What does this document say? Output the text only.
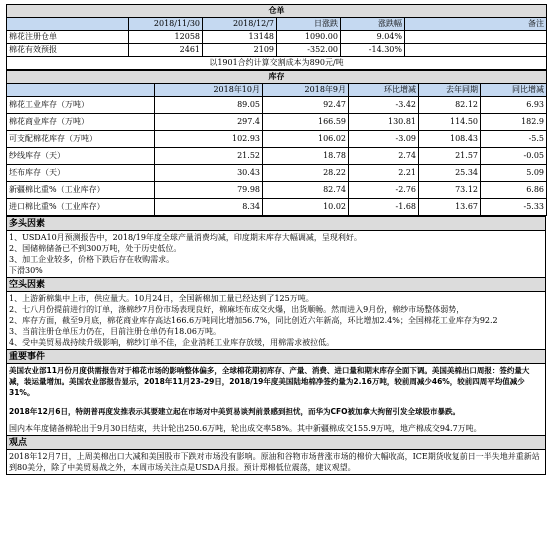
仓单					
	2018/11/30	2018/12/7	日涨跌	涨跌幅	备注
棉花注册仓单	12058	13148	1090.00	9.04%	
棉花有效预报	2461	2109	-352.00	-14.30%	
以1901合约计算交割成本为890元/吨					
库存					
	2018年10月	2018年9月	环比增减	去年同期	同比增减
棉花工业库存（万吨）	89.05	92.47	-3.42	82.12	6.93
棉花商业库存（万吨）	297.4	166.59	130.81	114.50	182.9
可支配棉花库存（万吨）	102.93	106.02	-3.09	108.43	-5.5
纱线库存（天）	21.52	18.78	2.74	21.57	-0.05
坯布库存（天）	30.43	28.22	2.21	25.34	5.09
新疆棉比重%（工业库存）	79.98	82.74	-2.76	73.12	6.86
进口棉比重%（工业库存）	8.34	10.02	-1.68	13.67	-5.33
多头因素

1、USDA10月预测报告中，2018/19年度全球产量消费均减，印度期末库存大幅调减，呈现利好。
2、国储棉储备已不到300万吨，处于历史低位。
3、加工企业较多，价格下跌后存在收购需求。
下滑30%

空头因素

1、上游新棉集中上市，供应量大。10月24日，全国新棉加工量已经达到了125万吨。
2、七八月份提前进行的订单，涤棉纱7月份市场表现良好，棉麻坯布成交火爆，出货顺畅。然而进入9月份，棉纱市场整体弱势，
2、库存方面，截至9月底，棉花商业库存高达166.6万吨同比增加56.7%，同比创近六年新高，环比增加2.4%；全国棉花工业库存为92.2
3、当前注册仓单压力仍在，目前注册仓单仍有18.06万吨。
4、受中美贸易战持续升级影响，棉纱订单不佳，企业消耗工业库存放缓，用棉需求被拉低。

重要事件

美国农业部11月份月度供需报告对于棉花市场的影响整体偏多，全球棉花期初库存、产量、消费、进口量和期末库存全面下调。美国美棉出口周报：签约量大减，装运量增加。美国农业部报告显示，2018年11月23-29日，2018/19年度美国陆地棉净签约量为2.16万吨，较前周减少46%，较前四周平均值减少31%。
2018年12月6日，特朗普再度发推表示其要建立起在市场对中美贸易谈判前景感到担忧，而华为CFO被加拿大拘留引发全球股市暴跌。
国内本年度储备棉轮出于9月30日结束，共计轮出250.6万吨，轮出成交率58%。其中新疆棉成交155.9万吨，地产棉成交94.7万吨。

观点
2018年12月7日，上周美棉出口大减和美国股市下跌对市场没有影响。原油和谷物市场普涨市场的棉价大幅收高，ICE期货收复前日一半失地并重新站到80美分，除了中美贸易战之外，本周市场关注点是USDA月报。预计郑棉低位震荡，建议观望。
